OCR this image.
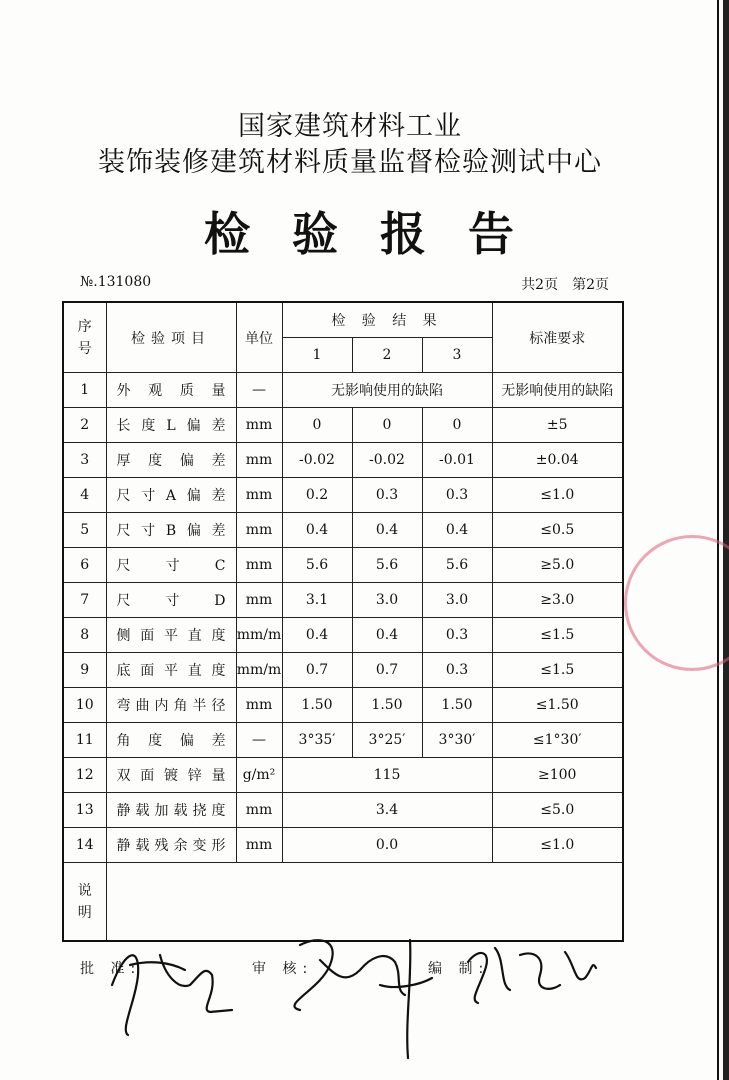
国家建筑材料工业
装饰装修建筑材料质量监督检验测试中心
检验报告
№.131080	共2页　第2页
序号	检验项目	单位	检 验 结 果			标准要求
			1	2	3	
1	外观质量	—	无影响使用的缺陷			无影响使用的缺陷
2	长度L偏差	mm	0	0	0	±5
3	厚度偏差	mm	-0.02	-0.02	-0.01	±0.04
4	尺寸A偏差	mm	0.2	0.3	0.3	≤1.0
5	尺寸B偏差	mm	0.4	0.4	0.4	≤0.5
6	尺寸C	mm	5.6	5.6	5.6	≥5.0
7	尺寸D	mm	3.1	3.0	3.0	≥3.0
8	侧面平直度	mm/m	0.4	0.4	0.3	≤1.5
9	底面平直度	mm/m	0.7	0.7	0.3	≤1.5
10	弯曲内角半径	mm	1.50	1.50	1.50	≤1.50
11	角度偏差	—	3°35′	3°25′	3°30′	≤1°30′
12	双面镀锌量	g/m²	115			≥100
13	静载加载挠度	mm	3.4			≤5.0
14	静载残余变形	mm	0.0			≤1.0

说明						

批 准:	审 核:	编 制:
